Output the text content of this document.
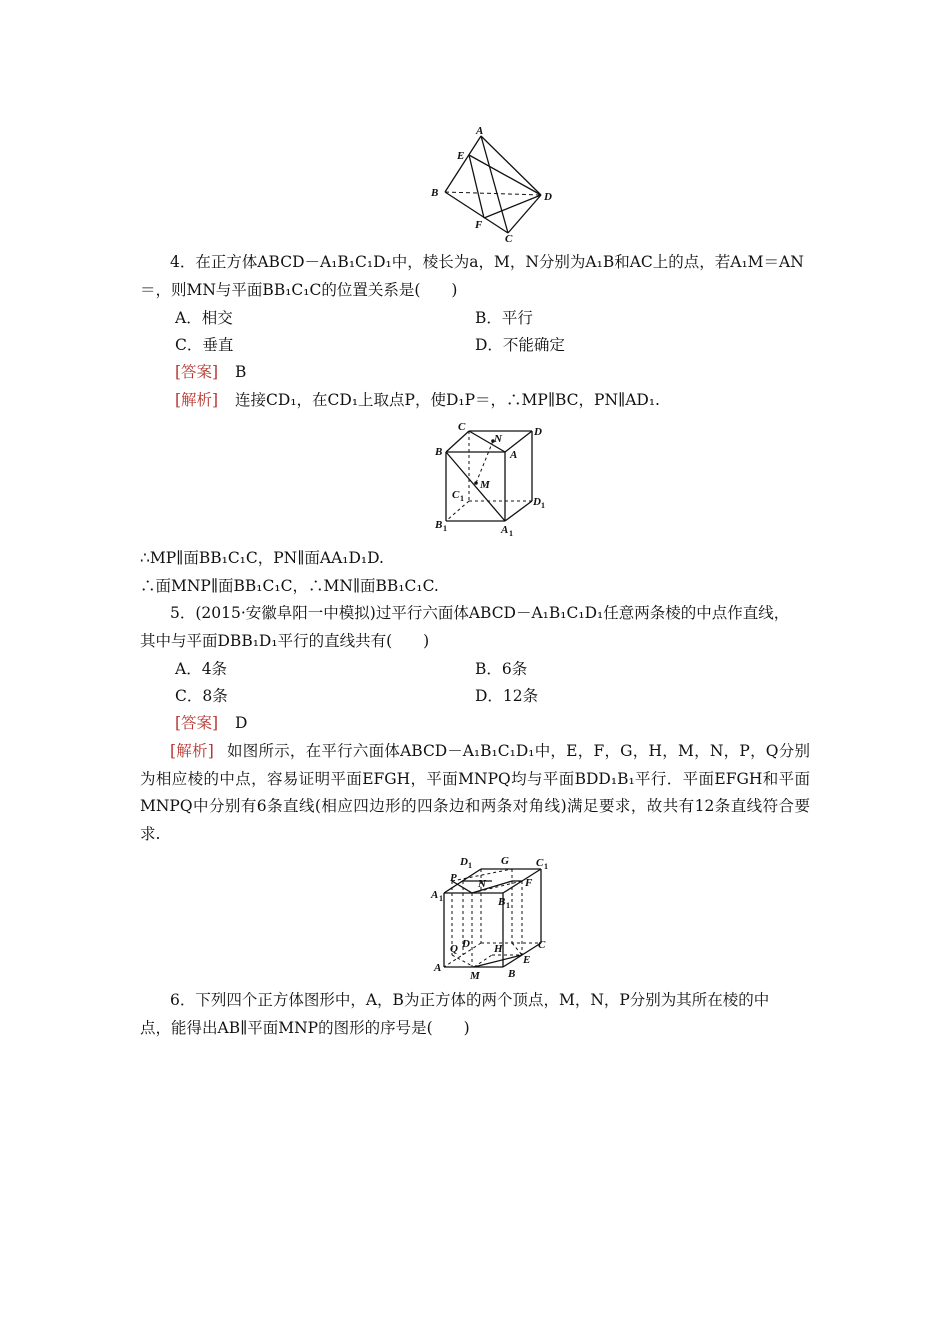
A
E
B
F
C
D
4．在正方体ABCD－A₁B₁C₁D₁中，棱长为a，M，N分别为A₁B和AC上的点，若A₁M＝AN
＝，则MN与平面BB₁C₁C的位置关系是(　　)
A．相交	B．平行
C．垂直	D．不能确定
[答案] B
[解析] 连接CD₁，在CD₁上取点P，使D₁P＝，∴MP∥BC，PN∥AD₁.
C
N
D
B	A
M
C 1	D 1
B 1	A 1
∴MP∥面BB₁C₁C，PN∥面AA₁D₁D.
∴面MNP∥面BB₁C₁C，∴MN∥面BB₁C₁C.
5．(2015·安徽阜阳一中模拟)过平行六面体ABCD－A₁B₁C₁D₁任意两条棱的中点作直线，
其中与平面DBB₁D₁平行的直线共有(　　)
A．4条	B．6条
C．8条	D．12条
[答案] D
[解析] 如图所示，在平行六面体ABCD－A₁B₁C₁D₁中，E，F，G，H，M，N，P，Q分别为相应棱的中点，容易证明平面EFGH，平面MNPQ均与平面BDD₁B₁平行．平面EFGH和平面MNPQ中分别有6条直线(相应四边形的四条边和两条对角线)满足要求，故共有12条直线符合要求.
D 1	G C 1
P N	F
A 1	B 1
Q D H	C
A
M
E
B
6．下列四个正方体图形中，A，B为正方体的两个顶点，M，N，P分别为其所在棱的中
点，能得出AB∥平面MNP的图形的序号是(　　)
